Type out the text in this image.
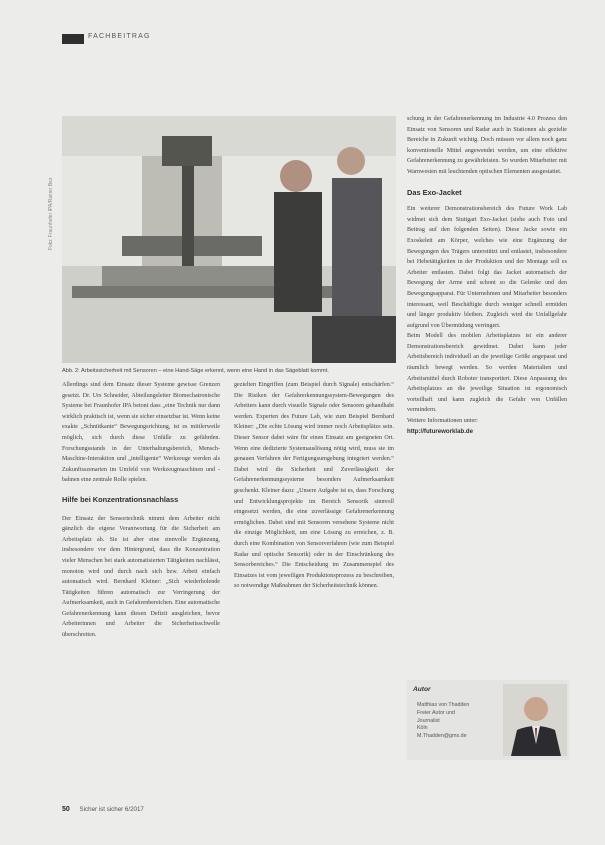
FACHBEITRAG
Foto: Fraunhofer IPA/Rainer Bez
Abb. 2: Arbeitssicherheit mit Sensoren – eine Hand-Säge erkennt, wenn eine Hand in das Sägeblatt kommt.

Allerdings sind dem Einsatz dieser Systeme gewisse Grenzen gesetzt. Dr. Urs Schneider, Abteilungsleiter Biomechatronische Systeme bei Fraunhofer IPA betont dass „eine Technik nur dann wirklich praktisch ist, wenn sie sicher einsetzbar ist. Wenn keine exakte „Schnittkante“ Bewegungsrichtung, ist es mittlerweile möglich, sich durch diese Unfälle zu gefährden. Forschungsstands in der Unterhaltungsbereich, Mensch-Maschine-Interaktion und „intelligente“ Werkzeuge werden als Zukunftsszenarien im Umfeld von Werkzeugmaschinen und -bahnen eine zentrale Rolle spielen.

Hilfe bei Konzentrationsnachlass

Der Einsatz der Sensortechnik nimmt dem Arbeiter nicht gänzlich die eigene Verantwortung für die Sicherheit am Arbeitsplatz ab. Sie ist aber eine sinnvolle Ergänzung, insbesondere vor dem Hintergrund, dass die Konzentration vieler Menschen bei stark automatisierten Tätigkeiten nachlässt, monoton wird und durch nach sich bzw. Arbeit einfach automatisch wird. Bernhard Kleiner: „Sich wiederholende Tätigkeiten führen automatisch zur Verringerung der Aufmerksamkeit, auch in Gefahrenbereichen. Eine automatische Gefahrenerkennung kann diesen Defizit ausgleichen, bevor Arbeiterinnen und Arbeiter die Sicherheitsschwelle überschreiten.

gezielten Eingriffen (zum Beispiel durch Signale) entschärfen.“ Die Risiken der Gefahrerkennungssystem-Bewegungen des Arbeiters kann durch visuelle Signale oder Sensoren gehandhabt werden. Experten des Future Lab, wie zum Beispiel Bernhard Kleiner: „Die echte Lösung wird immer noch Arbeitsplätze sein. Dieser Sensor dabei wäre für einen Einsatz am geeigneten Ort. Wenn eine dedizierte Systemauslösung nötig wird, muss sie im genauen Verfahren der Fertigungsumgebung integriert werden.“ Dabei wird die Sicherheit und Zuverlässigkeit der Gefahrenerkennungssysteme besonders Aufmerksamkeit geschenkt. Kleiner dazu: „Unsere Aufgabe ist es, dass Forschung und Entwicklungsprojekte im Bereich Sensorik sinnvoll eingesetzt werden, die eine zuverlässige Gefahrenerkennung ermöglichen. Dabei sind mit Sensoren versehene Systeme nicht die einzige Möglichkeit, um eine Lösung zu erreichen, z. B. durch eine Kombination von Sensorverfahren (wie zum Beispiel Radar und optische Sensorik) oder in der Einschränkung des Sensorbereiches.“ Die Entscheidung im Zusammenspiel des Einsatzes ist vom jeweiligen Produktionsprozess zu beschreiben, so notwendige Maßnahmen der Sicherheitstechnik können.

schung in der Gefahrenerkennung im Industrie 4.0 Prozess den Einsatz von Sensoren und Radar auch in Stationen als gezielte Bereiche in Zukunft wichtig. Doch müssen vor allem noch ganz konventionelle Mittel angewendet werden, um eine effektive Gefahrenerkennung zu gewährleisten. So wurden Mitarbeiter mit Warnwesten mit leuchtenden optischen Elementen ausgestattet.

Das Exo-Jacket

Ein weiterer Demonstrationsbereich des Future Work Lab widmet sich dem Stuttgart Exo-Jacket (siehe auch Foto und Beitrag auf den folgenden Seiten). Diese Jacke sowie ein Exoskelett am Körper, welches wie eine Ergänzung der Bewegungen des Trägers unterstützt und entlastet, insbesondere bei Hebetätigkeiten in der Produktion und der Montage soll es Arbeiter entlasten. Dabei folgt das Jacket automatisch der Bewegung der Arme und schont so die Gelenke und den Bewegungsapparat. Für Unternehmen und Mitarbeiter besonders interessant, weil Beschäftigte durch weniger schnell ermüden und länger produktiv bleiben. Zugleich wird die Unfallgefahr aufgrund von Übermüdung verringert.

Beim Modell des mobilen Arbeitsplatzes ist ein anderer Demonstrationsbereich gewidmet. Dabei kann jeder Arbeitsbereich individuell an die jeweilige Größe angepasst und räumlich bewegt werden. So werden Materialien und Arbeitsmittel durch Roboter transportiert. Diese Anpassung des Arbeitsplatzes an die jeweilige Situation ist ergonomisch vorteilhaft und kann zugleich die Gefahr von Unfällen vermindern.

Weitere Informationen unter:

http://futureworklab.de
Autor
Matthias von Thadden
Freier Autor und
Journalist
Köln
M.Thadden@gmx.de
50 Sicher ist sicher 6/2017
